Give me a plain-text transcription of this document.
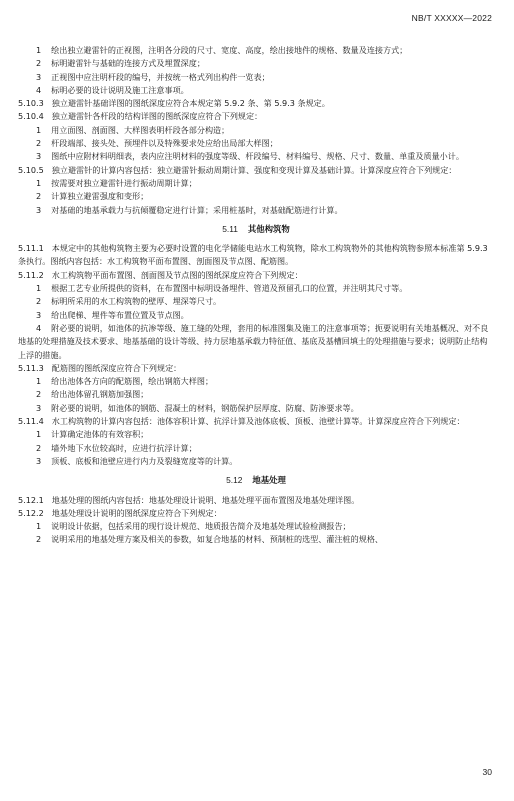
NB/T XXXXX—2022

1 绘出独立避雷针的正视图，注明各分段的尺寸、宽度、高度，绘出接地件的规格、数量及连接方式；

2 标明避雷针与基础的连接方式及埋置深度；

3 正视图中应注明杆段的编号，并按统一格式列出构件一览表；

4 标明必要的设计说明及施工注意事项。

5.10.3 独立避雷针基础详图的图纸深度应符合本规定第 5.9.2 条、第 5.9.3 条规定。

5.10.4 独立避雷针各杆段的结构详图的图纸深度应符合下列规定：

1 用立面图、剖面图、大样图表明杆段各部分构造；

2 杆段端部、接头处、预埋件以及特殊要求处应给出局部大样图；

3 图纸中应附材料明细表，表内应注明材料的强度等级、杆段编号、材料编号、规格、尺寸、数量、单重及质量小计。

5.10.5 独立避雷针的计算内容包括：独立避雷针振动周期计算、强度和变现计算及基础计算。计算深度应符合下列规定：

1 按需要对独立避雷针进行振动周期计算；

2 计算独立避雷强度和变形；

3 对基础的地基承载力与抗倾覆稳定进行计算；采用桩基时，对基础配筋进行计算。

5.11 其他构筑物

5.11.1 本规定中的其他构筑物主要为必要时设置的电化学储能电站水工构筑物，除水工构筑物外的其他构筑物参照本标准第 5.9.3 条执行。图纸内容包括：水工构筑物平面布置图、剖面图及节点图、配筋图。

5.11.2 水工构筑物平面布置图、剖面图及节点图的图纸深度应符合下列规定：

1 根据工艺专业所提供的资料，在布置图中标明设备埋件、管道及预留孔口的位置，并注明其尺寸等。

2 标明所采用的水工构筑物的壁厚、埋深等尺寸。

3 给出爬梯、埋件等布置位置及节点图。

4 附必要的说明，如池体的抗渗等级、施工缝的处理，套用的标准图集及施工的注意事项等；扼要说明有关地基概况、对不良地基的处理措施及技术要求、地基基础的设计等级、持力层地基承载力特征值、基底及基槽回填土的处理措施与要求；说明防止结构上浮的措施。

5.11.3 配筋图的图纸深度应符合下列规定：

1 给出池体各方向的配筋图，绘出钢筋大样图；

2 给出池体留孔钢筋加强图；

3 附必要的说明，如池体的钢筋、混凝土的材料，钢筋保护层厚度、防腐、防渗要求等。

5.11.4 水工构筑物的计算内容包括：池体容积计算、抗浮计算及池体底板、顶板、池壁计算等。计算深度应符合下列规定：

1 计算确定池体的有效容积；

2 墙外地下水位较高时，应进行抗浮计算；

3 顶板、底板和池壁应进行内力及裂缝宽度等的计算。

5.12 地基处理

5.12.1 地基处理的图纸内容包括：地基处理设计说明、地基处理平面布置图及地基处理详图。

5.12.2 地基处理设计说明的图纸深度应符合下列规定：

1 说明设计依据，包括采用的现行设计规范、地质报告简介及地基处理试验检测报告；

2 说明采用的地基处理方案及相关的参数，如复合地基的材料、预制桩的选型、灌注桩的规格、

30
